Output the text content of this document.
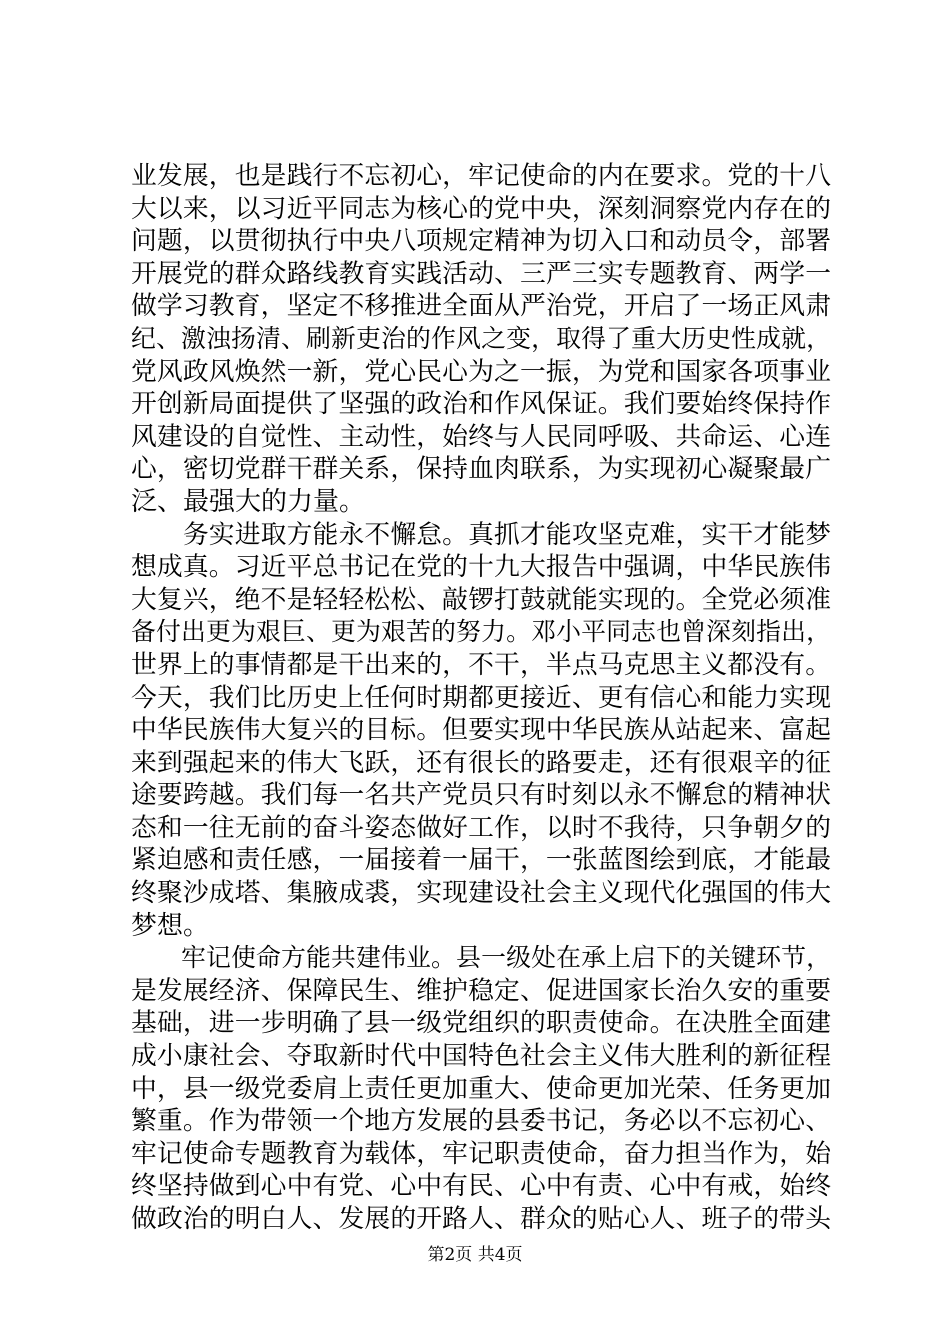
业发展，也是践行不忘初心，牢记使命的内在要求。党的十八
大以来，以习近平同志为核心的党中央，深刻洞察党内存在的
问题，以贯彻执行中央八项规定精神为切入口和动员令，部署
开展党的群众路线教育实践活动、三严三实专题教育、两学一
做学习教育，坚定不移推进全面从严治党，开启了一场正风肃
纪、激浊扬清、刷新吏治的作风之变，取得了重大历史性成就，
党风政风焕然一新，党心民心为之一振，为党和国家各项事业
开创新局面提供了坚强的政治和作风保证。我们要始终保持作
风建设的自觉性、主动性，始终与人民同呼吸、共命运、心连
心，密切党群干群关系，保持血肉联系，为实现初心凝聚最广
泛、最强大的力量。
　　务实进取方能永不懈怠。真抓才能攻坚克难，实干才能梦
想成真。习近平总书记在党的十九大报告中强调，中华民族伟
大复兴，绝不是轻轻松松、敲锣打鼓就能实现的。全党必须准
备付出更为艰巨、更为艰苦的努力。邓小平同志也曾深刻指出，
世界上的事情都是干出来的，不干，半点马克思主义都没有。
今天，我们比历史上任何时期都更接近、更有信心和能力实现
中华民族伟大复兴的目标。但要实现中华民族从站起来、富起
来到强起来的伟大飞跃，还有很长的路要走，还有很艰辛的征
途要跨越。我们每一名共产党员只有时刻以永不懈怠的精神状
态和一往无前的奋斗姿态做好工作，以时不我待，只争朝夕的
紧迫感和责任感，一届接着一届干，一张蓝图绘到底，才能最
终聚沙成塔、集腋成裘，实现建设社会主义现代化强国的伟大
梦想。
　　牢记使命方能共建伟业。县一级处在承上启下的关键环节，
是发展经济、保障民生、维护稳定、促进国家长治久安的重要
基础，进一步明确了县一级党组织的职责使命。在决胜全面建
成小康社会、夺取新时代中国特色社会主义伟大胜利的新征程
中，县一级党委肩上责任更加重大、使命更加光荣、任务更加
繁重。作为带领一个地方发展的县委书记，务必以不忘初心、
牢记使命专题教育为载体，牢记职责使命，奋力担当作为，始
终坚持做到心中有党、心中有民、心中有责、心中有戒，始终
做政治的明白人、发展的开路人、群众的贴心人、班子的带头
第2页 共4页
